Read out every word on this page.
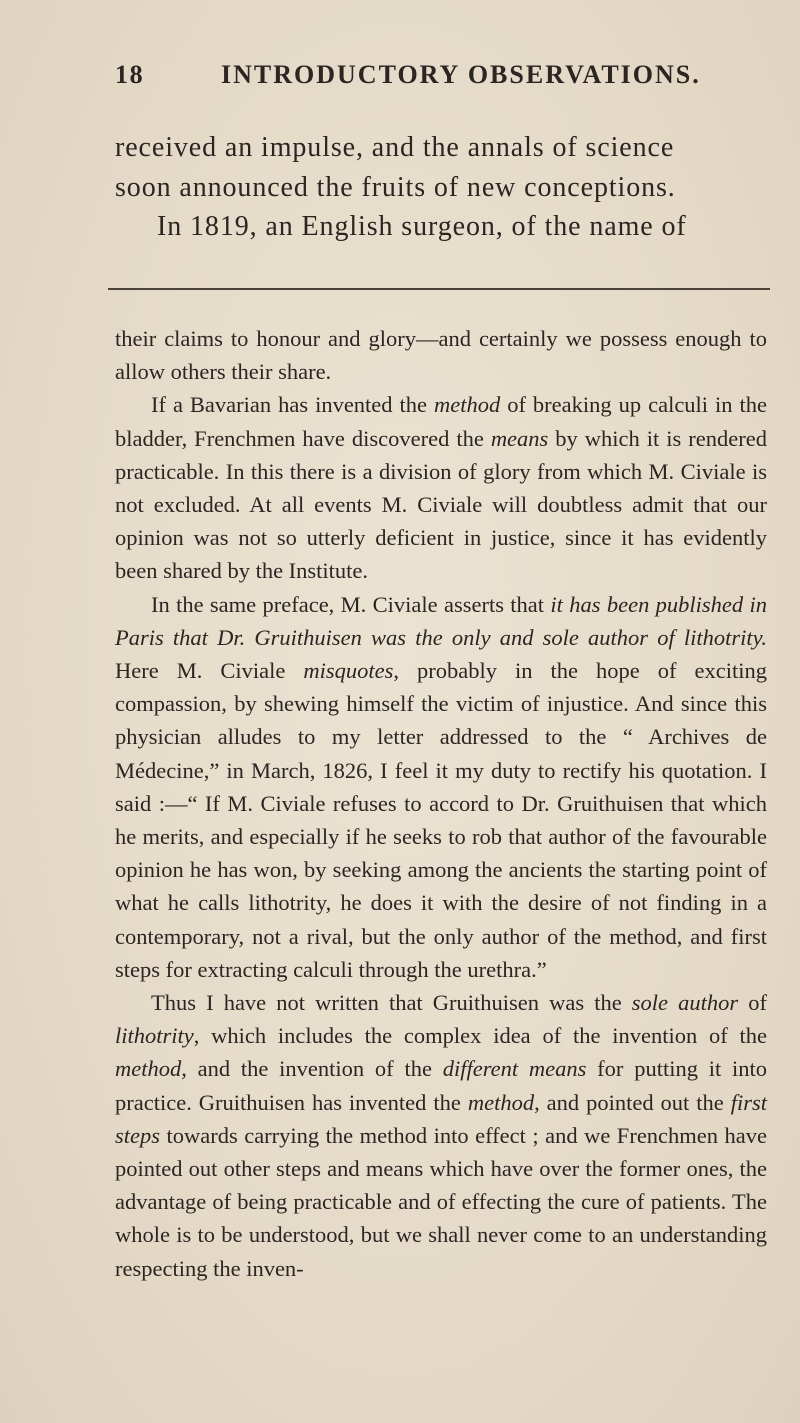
18	INTRODUCTORY OBSERVATIONS.
received an impulse, and the annals of science
soon announced the fruits of new conceptions.
In 1819, an English surgeon, of the name of

their claims to honour and glory—and certainly we possess enough to allow others their share.

If a Bavarian has invented the method of breaking up calculi in the bladder, Frenchmen have discovered the means by which it is rendered practicable. In this there is a division of glory from which M. Civiale is not excluded. At all events M. Civiale will doubtless admit that our opinion was not so utterly deficient in justice, since it has evidently been shared by the Institute.

In the same preface, M. Civiale asserts that it has been published in Paris that Dr. Gruithuisen was the only and sole author of lithotrity. Here M. Civiale misquotes, probably in the hope of exciting compassion, by shewing himself the victim of injustice. And since this physician alludes to my letter addressed to the “ Archives de Médecine,” in March, 1826, I feel it my duty to rectify his quotation. I said :—“ If M. Civiale refuses to accord to Dr. Gruithuisen that which he merits, and especially if he seeks to rob that author of the favourable opinion he has won, by seeking among the ancients the starting point of what he calls lithotrity, he does it with the desire of not finding in a contemporary, not a rival, but the only author of the method, and first steps for extracting calculi through the urethra.”

Thus I have not written that Gruithuisen was the sole author of lithotrity, which includes the complex idea of the invention of the method, and the invention of the different means for putting it into practice. Gruithuisen has invented the method, and pointed out the first steps towards carrying the method into effect ; and we Frenchmen have pointed out other steps and means which have over the former ones, the advantage of being practicable and of effecting the cure of patients. The whole is to be understood, but we shall never come to an understanding respecting the inven-
